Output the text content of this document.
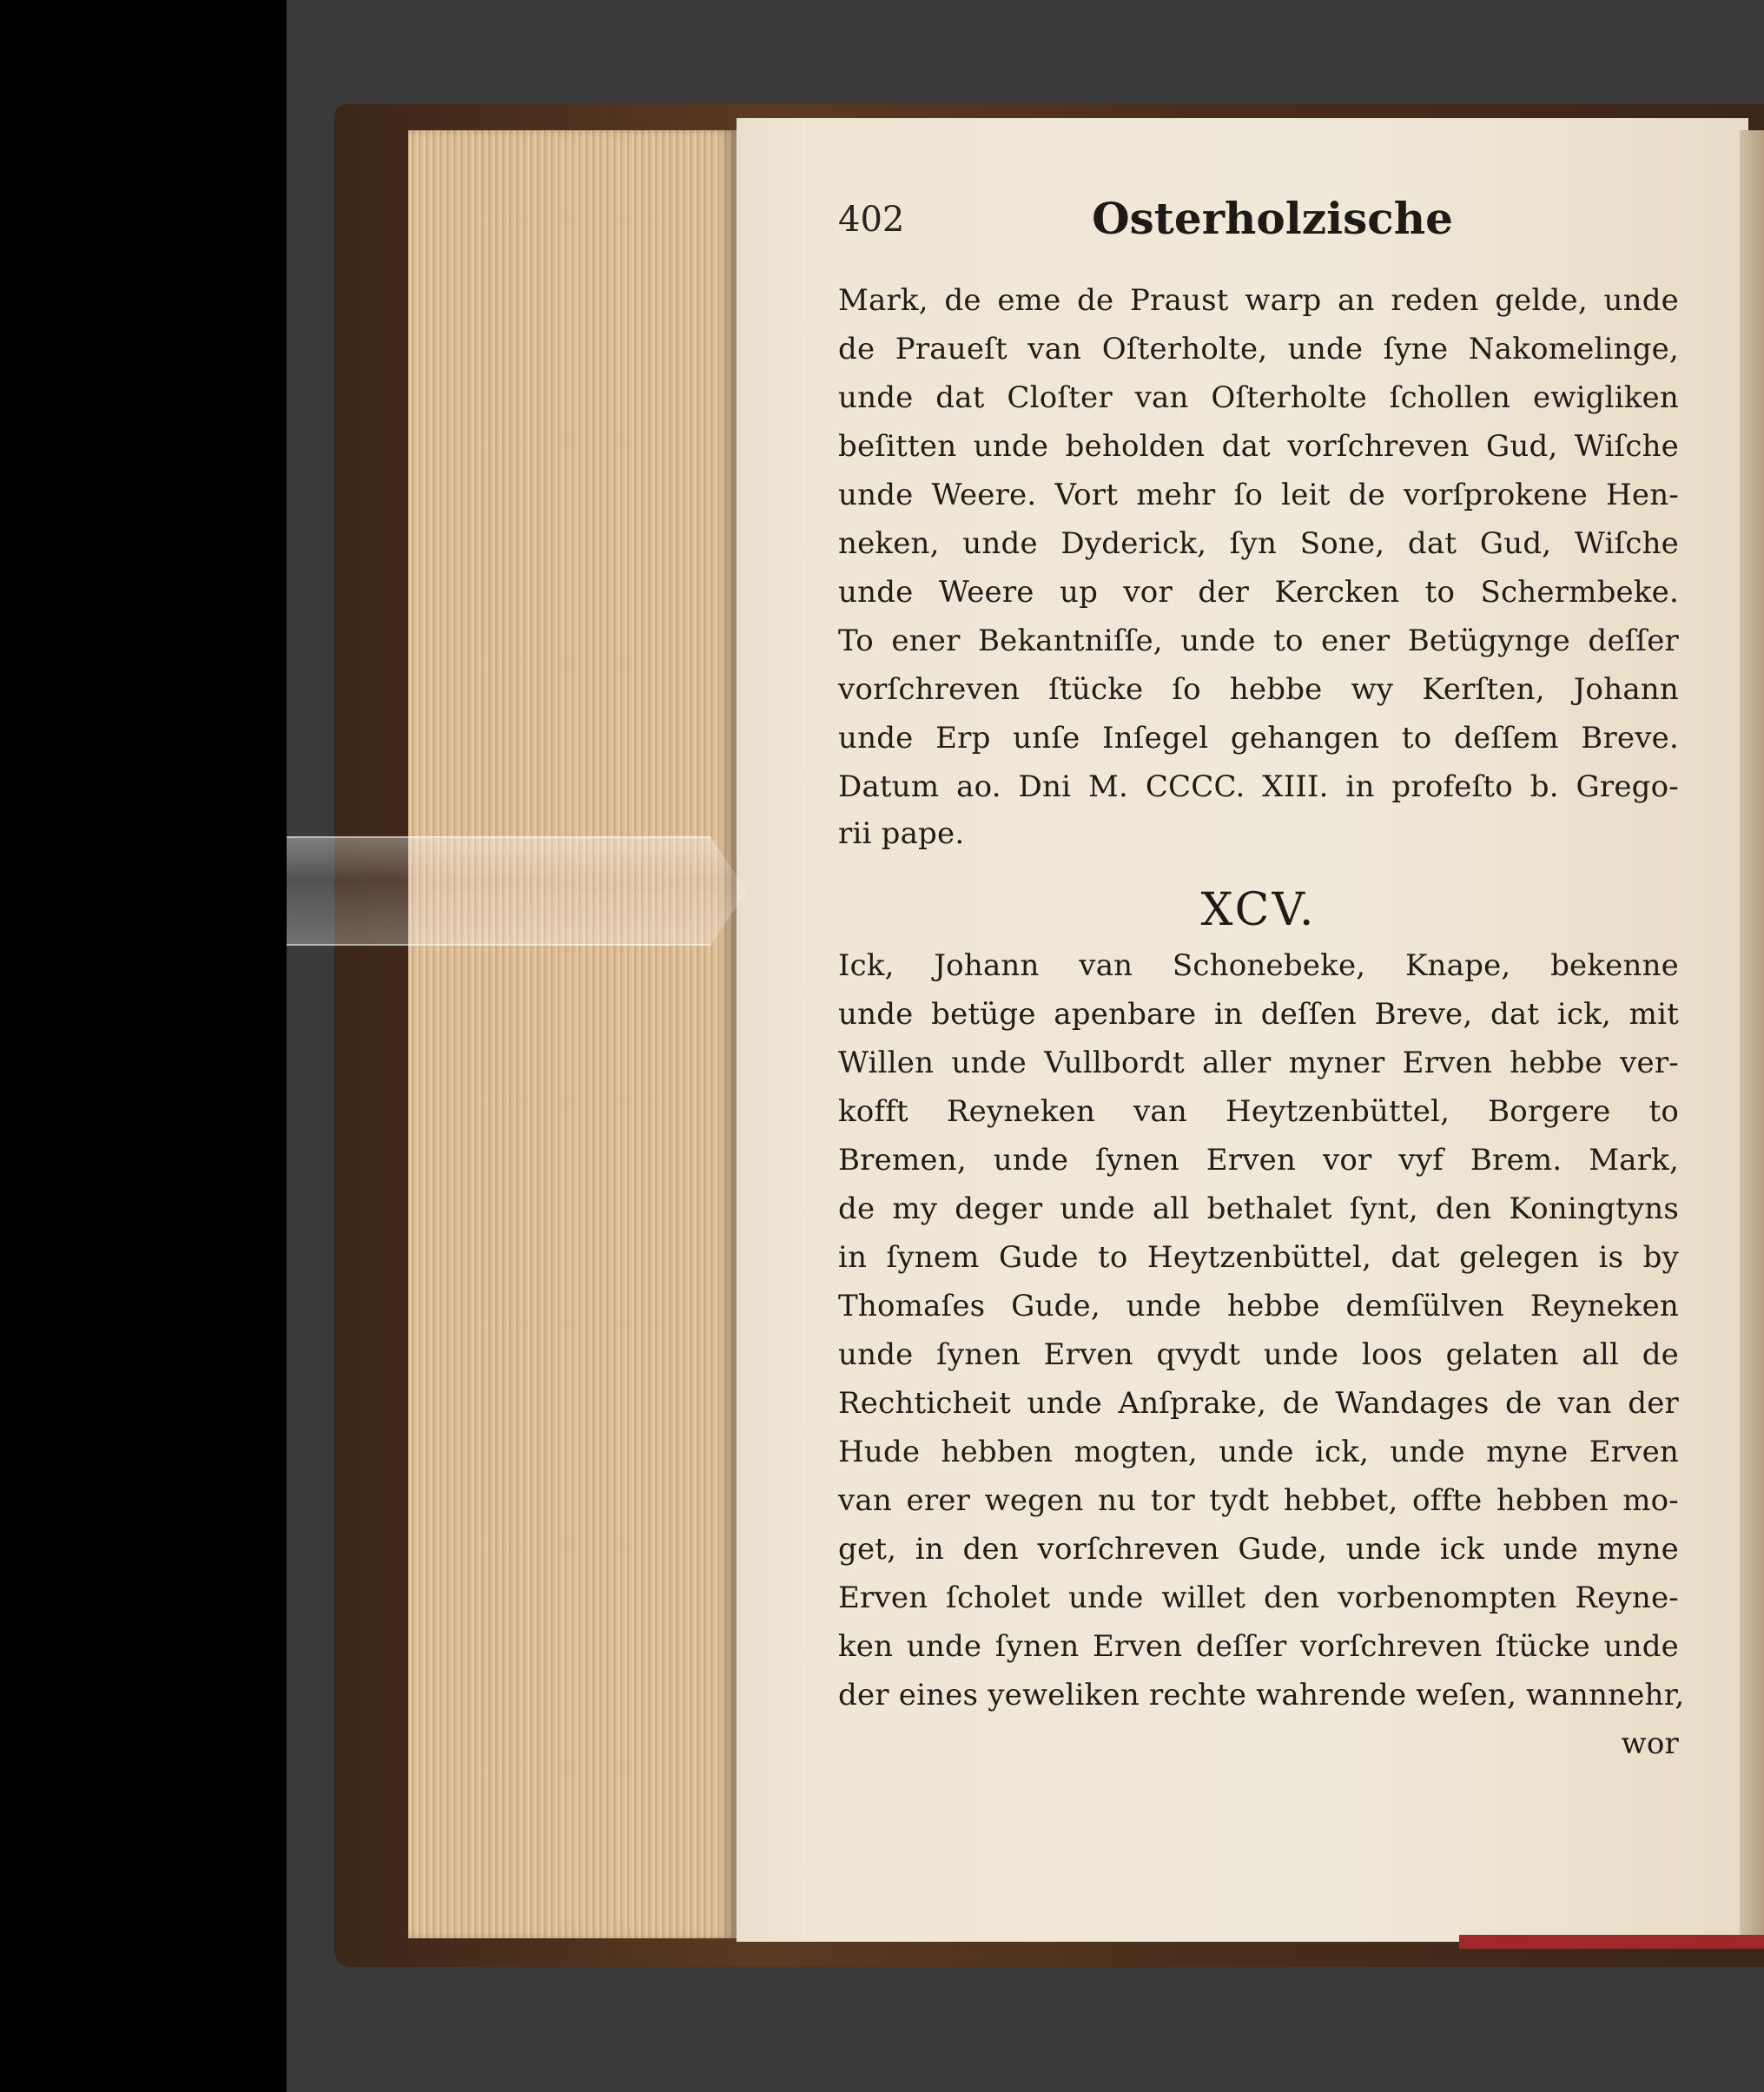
402	Osterholzische
Mark, de eme de Praust warp an reden gelde, unde
de Praueſt van Oſterholte, unde ſyne Nakomelinge,
unde dat Cloſter van Oſterholte ſchollen ewigliken
beſitten unde beholden dat vorſchreven Gud, Wiſche
unde Weere. Vort mehr ſo leit de vorſprokene Hen‑
neken, unde Dyderick, ſyn Sone, dat Gud, Wiſche
unde Weere up vor der Kercken to Schermbeke.
To ener Bekantniſſe, unde to ener Betügynge deſſer
vorſchreven ſtücke ſo hebbe wy Kerſten, Johann
unde Erp unſe Inſegel gehangen to deſſem Breve.
Datum ao. Dni M. CCCC. XIII. in profeſto b. Grego‑
rii pape.
XCV.
Ick, Johann van Schonebeke, Knape, bekenne
unde betüge apenbare in deſſen Breve, dat ick, mit
Willen unde Vullbordt aller myner Erven hebbe ver‑
kofft Reyneken van Heytzenbüttel, Borgere to
Bremen, unde ſynen Erven vor vyf Brem. Mark,
de my deger unde all bethalet ſynt, den Koningtyns
in ſynem Gude to Heytzenbüttel, dat gelegen is by
Thomaſes Gude, unde hebbe demſülven Reyneken
unde ſynen Erven qvydt unde loos gelaten all de
Rechticheit unde Anſprake, de Wandages de van der
Hude hebben mogten, unde ick, unde myne Erven
van erer wegen nu tor tydt hebbet, offte hebben mo‑
get, in den vorſchreven Gude, unde ick unde myne
Erven ſcholet unde willet den vorbenompten Reyne‑
ken unde ſynen Erven deſſer vorſchreven ſtücke unde
der eines yeweliken rechte wahrende weſen, wannnehr,
wor
